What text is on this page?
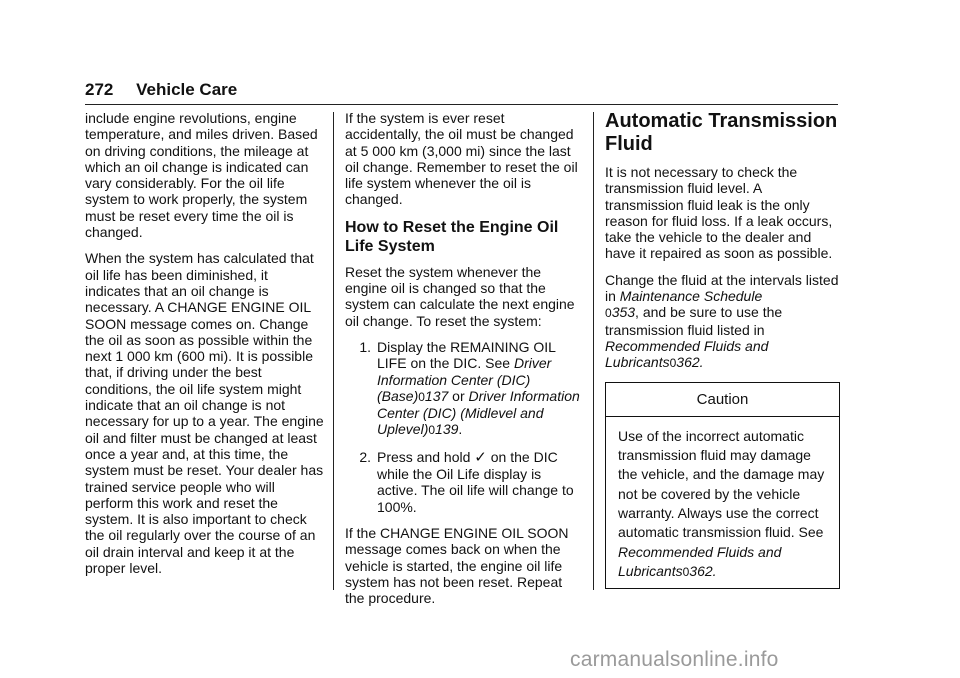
272 Vehicle Care

include engine revolutions, engine temperature, and miles driven. Based on driving conditions, the mileage at which an oil change is indicated can vary considerably. For the oil life system to work properly, the system must be reset every time the oil is changed.

When the system has calculated that oil life has been diminished, it indicates that an oil change is necessary. A CHANGE ENGINE OIL SOON message comes on. Change the oil as soon as possible within the next 1 000 km (600 mi). It is possible that, if driving under the best conditions, the oil life system might indicate that an oil change is not necessary for up to a year. The engine oil and filter must be changed at least once a year and, at this time, the system must be reset. Your dealer has trained service people who will perform this work and reset the system. It is also important to check the oil regularly over the course of an oil drain interval and keep it at the proper level.

If the system is ever reset accidentally, the oil must be changed at 5 000 km (3,000 mi) since the last oil change. Remember to reset the oil life system whenever the oil is changed.

How to Reset the Engine Oil Life System

Reset the system whenever the engine oil is changed so that the system can calculate the next engine oil change. To reset the system:

1. Display the REMAINING OIL LIFE on the DIC. See Driver Information Center (DIC) (Base)0137 or Driver Information Center (DIC) (Midlevel and Uplevel)0139.
2. Press and hold ✓ on the DIC while the Oil Life display is active. The oil life will change to 100%.

If the CHANGE ENGINE OIL SOON message comes back on when the vehicle is started, the engine oil life system has not been reset. Repeat the procedure.

Automatic Transmission Fluid

It is not necessary to check the transmission fluid level. A transmission fluid leak is the only reason for fluid loss. If a leak occurs, take the vehicle to the dealer and have it repaired as soon as possible.

Change the fluid at the intervals listed in Maintenance Schedule
0353, and be sure to use the transmission fluid listed in Recommended Fluids and Lubricants0362.

Caution
Use of the incorrect automatic transmission fluid may damage the vehicle, and the damage may not be covered by the vehicle warranty. Always use the correct automatic transmission fluid. See Recommended Fluids and Lubricants0362.
carmanualsonline.info
